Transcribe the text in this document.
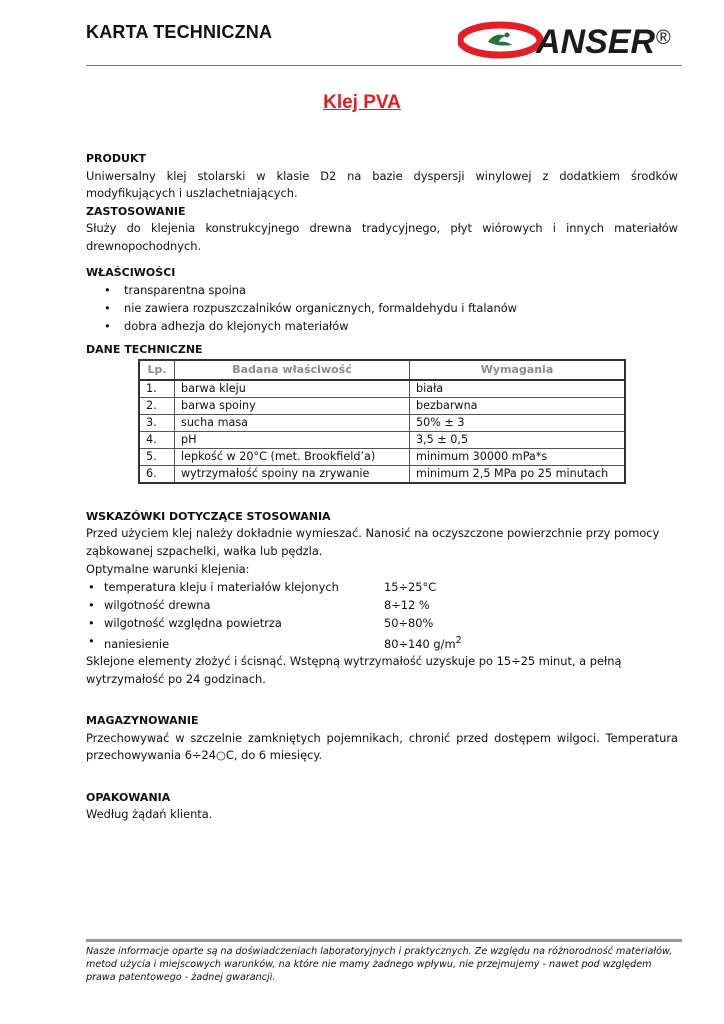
KARTA TECHNICZNA	ANSER ®
Klej PVA

PRODUKT

Uniwersalny klej stolarski w klasie D2 na bazie dyspersji winylowej z dodatkiem środków modyfikujących i uszlachetniających.

ZASTOSOWANIE

Służy do klejenia konstrukcyjnego drewna tradycyjnego, płyt wiórowych i innych materiałów drewnopochodnych.

WŁAŚCIWOŚCI

• transparentna spoina
• nie zawiera rozpuszczalników organicznych, formaldehydu i ftalanów
• dobra adhezja do klejonych materiałów

DANE TECHNICZNE

Lp.	Badana właściwość	Wymagania
1.	barwa kleju	biała
2.	barwa spoiny	bezbarwna
3.	sucha masa	50% ± 3
4.	pH	3,5 ± 0,5
5.	lepkość w 20°C (met. Brookfield’a)	minimum 30000 mPa*s
6.	wytrzymałość spoiny na zrywanie	minimum 2,5 MPa po 25 minutach

WSKAZÓWKI DOTYCZĄCE STOSOWANIA

Przed użyciem klej należy dokładnie wymieszać. Nanosić na oczyszczone powierzchnie przy pomocy ząbkowanej szpachelki, wałka lub pędzla.

Optymalne warunki klejenia:

• temperatura kleju i materiałów klejonych	15÷25°C
• wilgotność drewna	8÷12 %
• wilgotność względna powietrza	50÷80%
• naniesienie	80÷140 $g/m^2$

Sklejone elementy złożyć i ścisnąć. Wstępną wytrzymałość uzyskuje po 15÷25 minut, a pełną wytrzymałość po 24 godzinach.

MAGAZYNOWANIE

Przechowywać w szczelnie zamkniętych pojemnikach, chronić przed dostępem wilgoci. Temperatura przechowywania 6÷24○C, do 6 miesięcy.

OPAKOWANIA

Według żądań klienta.

Nasze informacje oparte są na doświadczeniach laboratoryjnych i praktycznych. Ze względu na różnorodność materiałów, metod użycia i miejscowych warunków, na które nie mamy żadnego wpływu, nie przejmujemy - nawet pod względem prawa patentowego - żadnej gwarancji.
